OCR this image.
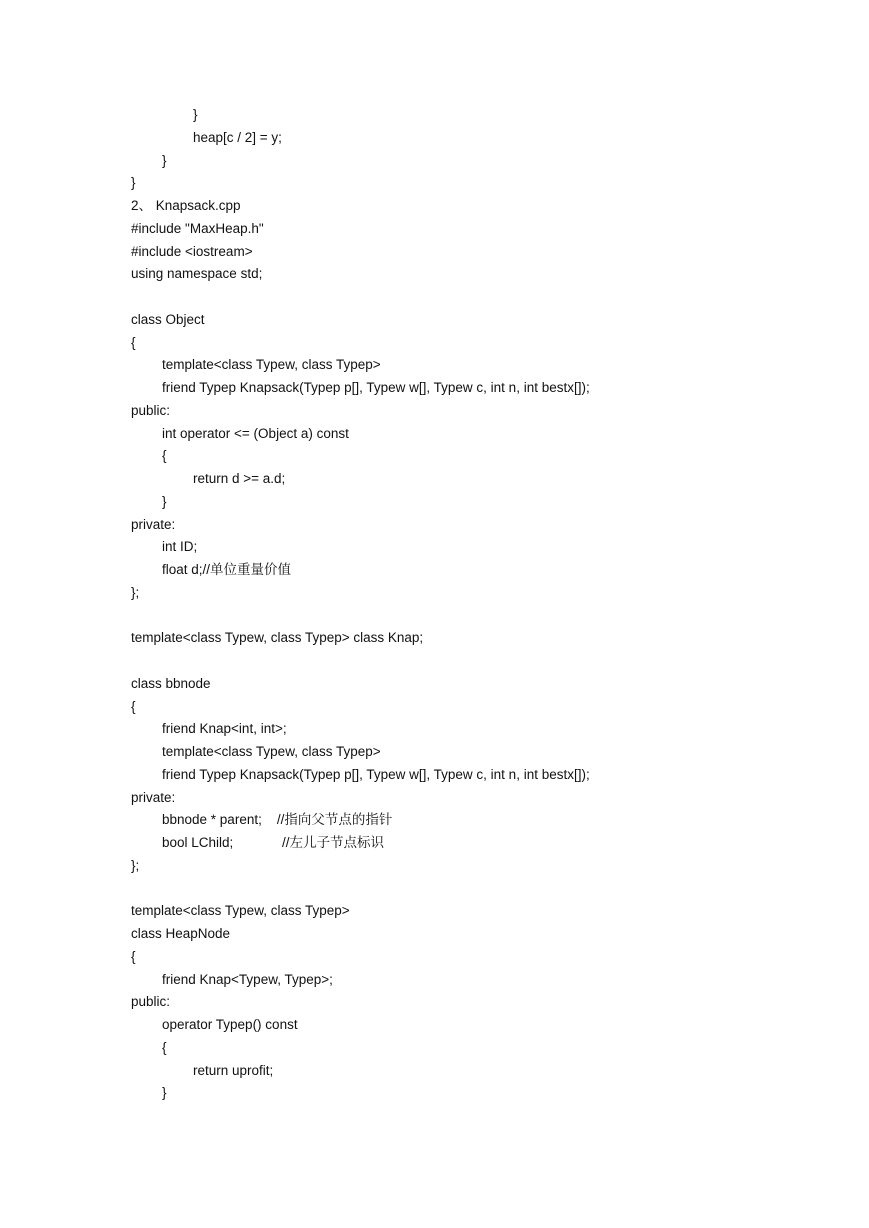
}
heap[c / 2] = y;
}
}
2、 Knapsack.cpp
#include "MaxHeap.h"
#include <iostream>
using namespace std;
class Object
{
template<class Typew, class Typep>
friend Typep Knapsack(Typep p[], Typew w[], Typew c, int n, int bestx[]);
public:
int operator <= (Object a) const
{
return d >= a.d;
}
private:
int ID;
float d;//单位重量价值
};
template<class Typew, class Typep> class Knap;
class bbnode
{
friend Knap<int, int>;
template<class Typew, class Typep>
friend Typep Knapsack(Typep p[], Typew w[], Typew c, int n, int bestx[]);
private:
bbnode * parent;    //指向父节点的指针
bool LChild;             //左儿子节点标识
};
template<class Typew, class Typep>
class HeapNode
{
friend Knap<Typew, Typep>;
public:
operator Typep() const
{
return uprofit;
}
